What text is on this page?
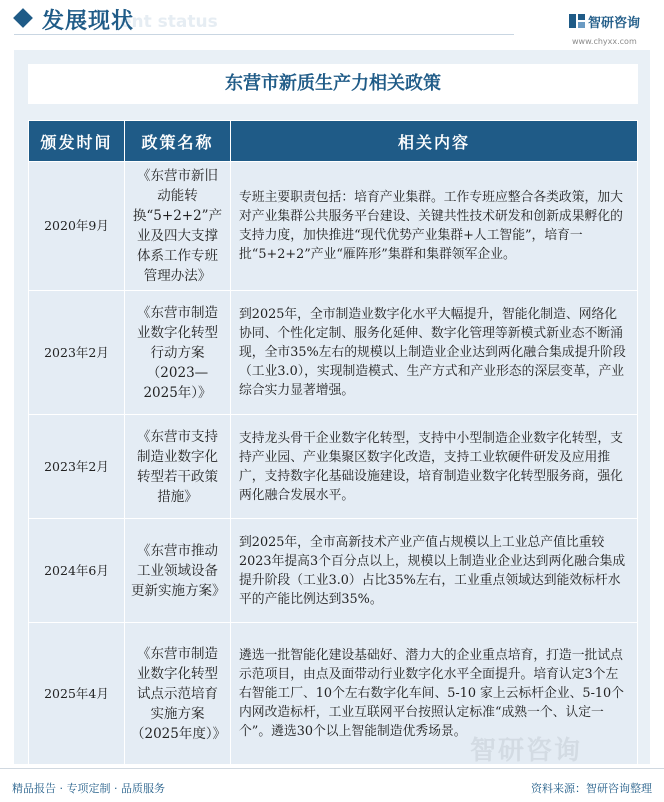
ent status
发展现状	智研咨询
www.chyxx.com
东营市新质生产力相关政策
颁发时间	政策名称	相关内容
2020年9月	《东营市新旧动能转换“5+2+2”产业及四大支撑体系工作专班管理办法》	专班主要职责包括：培育产业集群。工作专班应整合各类政策，加大对产业集群公共服务平台建设、关键共性技术研发和创新成果孵化的支持力度，加快推进“现代优势产业集群+人工智能”，培育一批“5+2+2”产业“雁阵形”集群和集群领军企业。
2023年2月	《东营市制造业数字化转型行动方案（2023—2025年）》	到2025年，全市制造业数字化水平大幅提升，智能化制造、网络化协同、个性化定制、服务化延伸、数字化管理等新模式新业态不断涌现，全市35%左右的规模以上制造业企业达到两化融合集成提升阶段（工业3.0），实现制造模式、生产方式和产业形态的深层变革，产业综合实力显著增强。
2023年2月	《东营市支持制造业数字化转型若干政策措施》	支持龙头骨干企业数字化转型，支持中小型制造企业数字化转型，支持产业园、产业集聚区数字化改造，支持工业软硬件研发及应用推广，支持数字化基础设施建设，培育制造业数字化转型服务商，强化两化融合发展水平。
2024年6月	《东营市推动工业领域设备更新实施方案》	到2025年，全市高新技术产业产值占规模以上工业总产值比重较2023年提高3个百分点以上，规模以上制造业企业达到两化融合集成提升阶段（工业3.0）占比35%左右，工业重点领域达到能效标杆水平的产能比例达到35%。
2025年4月	《东营市制造业数字化转型试点示范培育实施方案（2025年度）》	遴选一批智能化建设基础好、潜力大的企业重点培育，打造一批试点示范项目，由点及面带动行业数字化水平全面提升。培育认定3个左右智能工厂、10个左右数字化车间、5-10 家上云标杆企业、5-10个内网改造标杆，工业互联网平台按照认定标准“成熟一个、认定一个”。遴选30个以上智能制造优秀场景。
智研咨询
精品报告 · 专项定制 · 品质服务	资料来源：智研咨询整理
